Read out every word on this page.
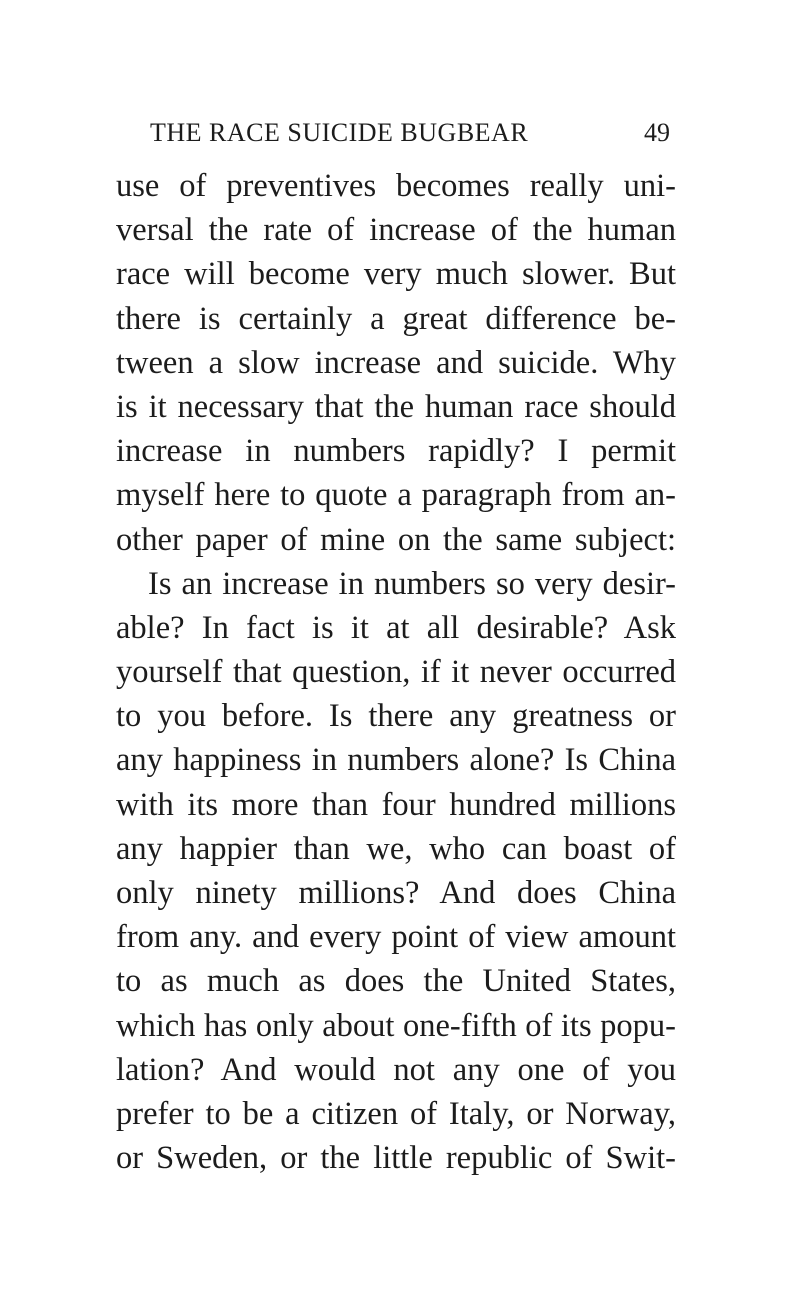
THE RACE SUICIDE BUGBEAR	49
use of preventives becomes really uni-
versal the rate of increase of the human
race will become very much slower. But
there is certainly a great difference be-
tween a slow increase and suicide. Why
is it necessary that the human race should
increase in numbers rapidly? I permit
myself here to quote a paragraph from an-
other paper of mine on the same subject:
Is an increase in numbers so very desir-
able? In fact is it at all desirable? Ask
yourself that question, if it never occurred
to you before. Is there any greatness or
any happiness in numbers alone? Is China
with its more than four hundred millions
any happier than we, who can boast of
only ninety millions? And does China
from any. and every point of view amount
to as much as does the United States,
which has only about one-fifth of its popu-
lation? And would not any one of you
prefer to be a citizen of Italy, or Norway,
or Sweden, or the little republic of Swit-
